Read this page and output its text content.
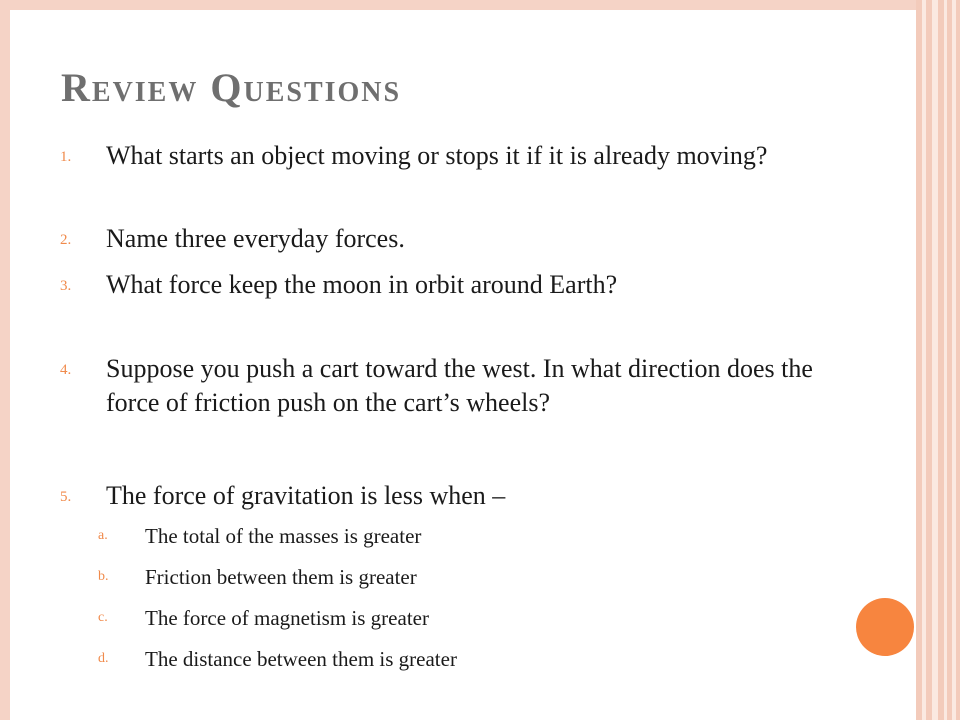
Review Questions
1. What starts an object moving or stops it if it is already moving?
2. Name three everyday forces.
3. What force keep the moon in orbit around Earth?
4. Suppose you push a cart toward the west. In what direction does the force of friction push on the cart’s wheels?
5. The force of gravitation is less when –
a. The total of the masses is greater
b. Friction between them is greater
c. The force of magnetism is greater
d. The distance between them is greater
